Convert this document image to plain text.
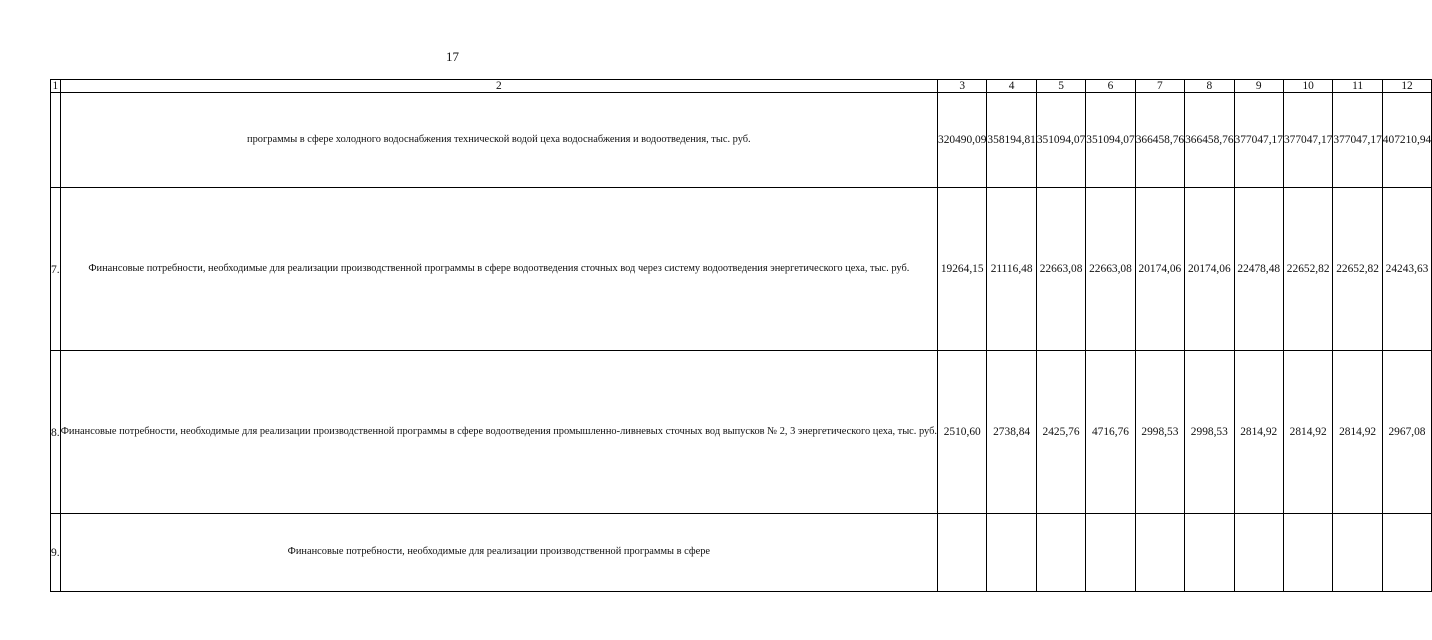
17
1	2	3	4	5	6	7	8	9	10	11	12
	программы в сфере холодного водоснабжения технической водой цеха водоснабжения и водоотведения, тыс. руб.	320490,09	358194,81	351094,07	351094,07	366458,76	366458,76	377047,17	377047,17	377047,17	407210,94
7.	Финансовые потребности, необходимые для реализации производственной программы в сфере водоотведения сточных вод через систему водоотведения энергетического цеха, тыс. руб.	19264,15	21116,48	22663,08	22663,08	20174,06	20174,06	22478,48	22652,82	22652,82	24243,63
8.	Финансовые потребности, необходимые для реализации производственной программы в сфере водоотведения промышленно-ливневых сточных вод выпусков № 2, 3 энергетического цеха, тыс. руб.	2510,60	2738,84	2425,76	4716,76	2998,53	2998,53	2814,92	2814,92	2814,92	2967,08
9.	Финансовые потребности, необходимые для реализации производственной программы в сфере										
